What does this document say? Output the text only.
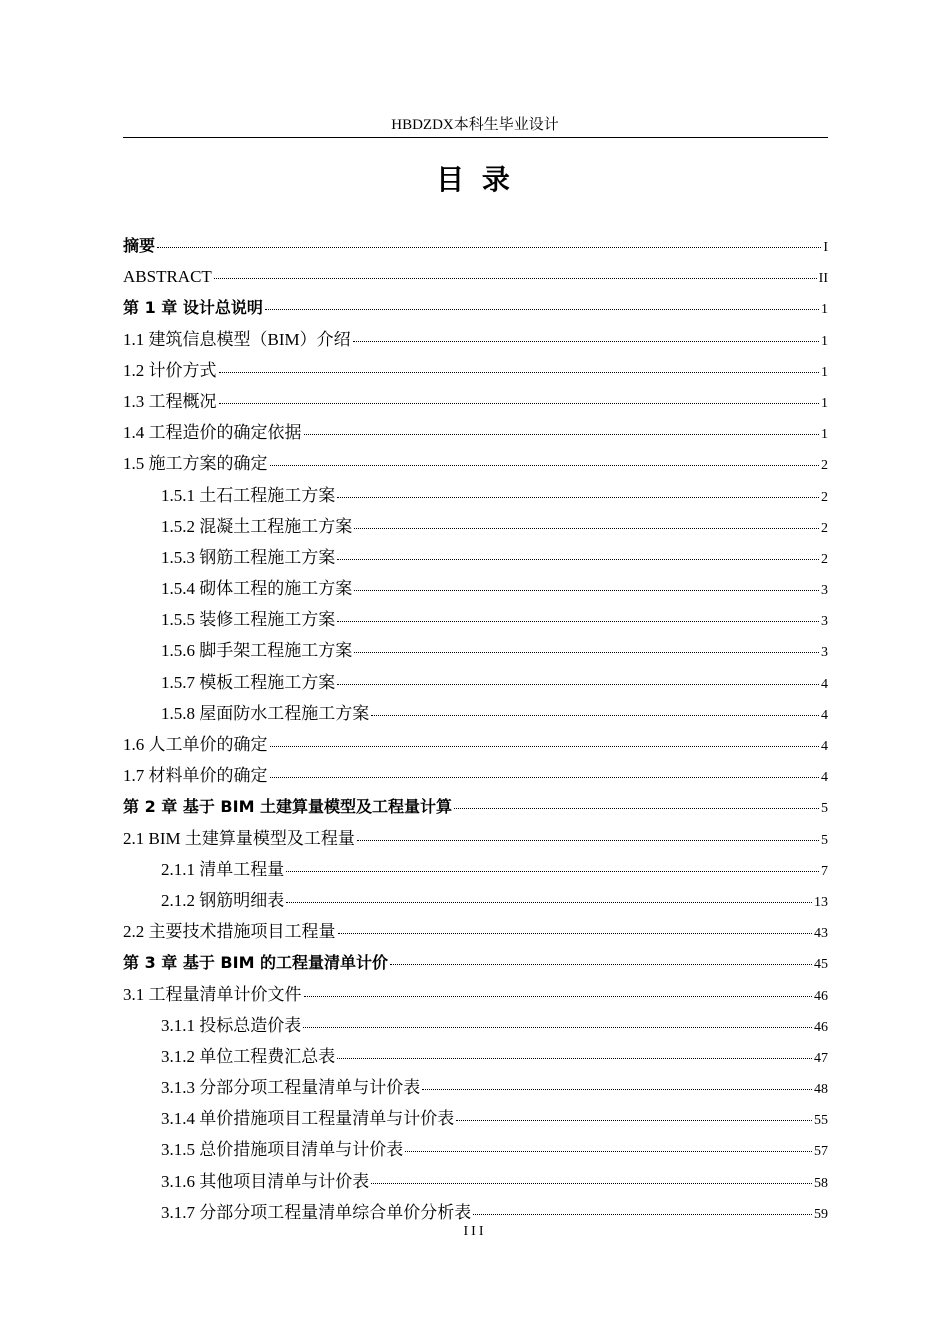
HBDZDX本科生毕业设计
目 录
摘要	I
ABSTRACT	II
第 1 章 设计总说明	1
1.1 建筑信息模型（BIM）介绍	1
1.2 计价方式	1
1.3 工程概况	1
1.4 工程造价的确定依据	1
1.5 施工方案的确定	2
1.5.1 土石工程施工方案	2
1.5.2 混凝土工程施工方案	2
1.5.3 钢筋工程施工方案	2
1.5.4 砌体工程的施工方案	3
1.5.5 装修工程施工方案	3
1.5.6 脚手架工程施工方案	3
1.5.7 模板工程施工方案	4
1.5.8 屋面防水工程施工方案	4
1.6 人工单价的确定	4
1.7 材料单价的确定	4
第 2 章 基于 BIM 土建算量模型及工程量计算	5
2.1 BIM 土建算量模型及工程量	5
2.1.1 清单工程量	7
2.1.2 钢筋明细表	13
2.2 主要技术措施项目工程量	43
第 3 章 基于 BIM 的工程量清单计价	45
3.1 工程量清单计价文件	46
3.1.1 投标总造价表	46
3.1.2 单位工程费汇总表	47
3.1.3 分部分项工程量清单与计价表	48
3.1.4 单价措施项目工程量清单与计价表	55
3.1.5 总价措施项目清单与计价表	57
3.1.6 其他项目清单与计价表	58
3.1.7 分部分项工程量清单综合单价分析表	59
III
